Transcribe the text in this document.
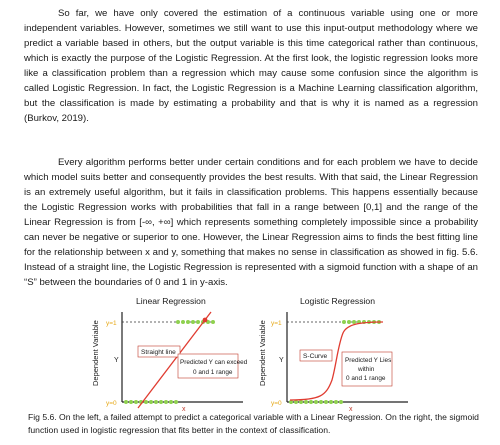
So far, we have only covered the estimation of a continuous variable using one or more independent variables. However, sometimes we still want to use this input-output methodology where we predict a variable based in others, but the output variable is this time categorical rather than continuous, which is exactly the purpose of the Logistic Regression. At the first look, the logistic regression looks more like a classification problem than a regression which may cause some confusion since the algorithm is called Logistic Regression. In fact, the Logistic Regression is a Machine Learning classification algorithm, but the classification is made by estimating a probability and that is why it is named as a regression (Burkov, 2019).

Every algorithm performs better under certain conditions and for each problem we have to decide which model suits better and consequently provides the best results. With that said, the Linear Regression is an extremely useful algorithm, but it fails in classification problems. This happens essentially because the Logistic Regression works with probabilities that fall in a range between [0,1] and the range of the Linear Regression is from [-∞, +∞] which represents something completely impossible since a probability can never be negative or superior to one. However, the Linear Regression aims to finds the best fitting line for the relationship between x and y, something that makes no sense in classification as showed in fig. 5.6. Instead of a straight line, the Logistic Regression is represented with a sigmoid function with a shape of an “S” between the boundaries of 0 and 1 in y-axis.

Linear Regression	Logistic Regression
Dependent Variable y=1
y=0
Y
x
Straight line
Predicted Y can exceed
0 and 1 range	Dependent Variable y=1
y=0
Y
x
S-Curve
Predicted Y Lies
within
0 and 1 range

Fig 5.6. On the left, a failed attempt to predict a categorical variable with a Linear Regression. On the right, the sigmoid function used in logistic regression that fits better in the context of classification.
